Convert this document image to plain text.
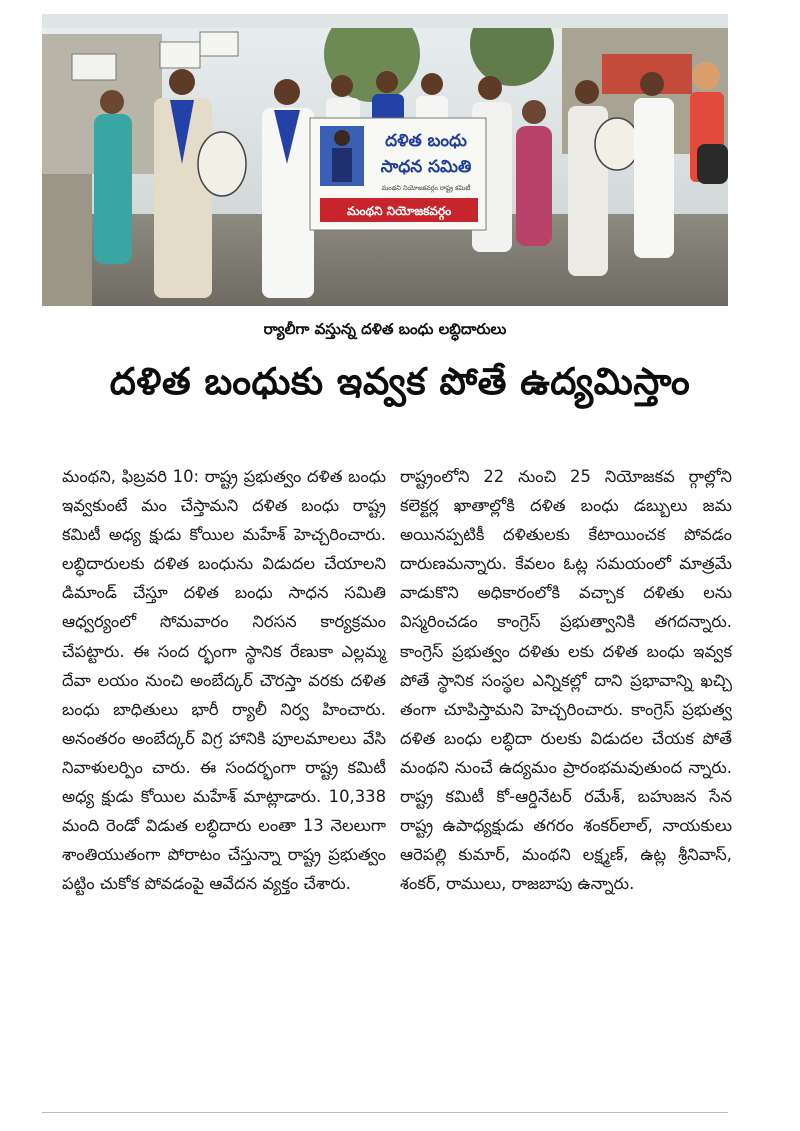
దళిత బంధు
సాధన సమితి
మంథని నియోజకవర్గం రాష్ట్ర కమిటీ
మంథని నియోజకవర్గం
ర్యాలీగా వస్తున్న దళిత బంధు లబ్ధిదారులు
దళిత బంధుకు ఇవ్వక పోతే ఉద్యమిస్తాం

మంథని, ఫిబ్రవరి 10: రాష్ట్ర ప్రభుత్వం దళిత బంధు ఇవ్వకుంటే మం చేస్తామని దళిత బంధు రాష్ట్ర కమిటీ అధ్య క్షుడు కోయిల మహేశ్ హెచ్చరించారు. లబ్ధిదారులకు దళిత బంధును విడుదల చేయాలని డిమాండ్ చేస్తూ దళిత బంధు సాధన సమితి ఆధ్వర్యంలో సోమవారం నిరసన కార్యక్రమం చేపట్టారు. ఈ సంద ర్భంగా స్థానిక రేణుకా ఎల్లమ్మ దేవా లయం నుంచి అంబేద్కర్ చౌరస్తా వరకు దళిత బంధు బాధితులు భారీ ర్యాలీ నిర్వ హించారు. అనంతరం అంబేద్కర్ విగ్ర హానికి పూలమాలలు వేసి నివాళులర్పిం చారు. ఈ సందర్భంగా రాష్ట్ర కమిటీ అధ్య క్షుడు కోయిల మహేశ్ మాట్లాడారు. 10,338 మంది రెండో విడుత లబ్ధిదారు లంతా 13 నెలలుగా శాంతియుతంగా పోరాటం చేస్తున్నా రాష్ట్ర ప్రభుత్వం పట్టిం చుకోక పోవడంపై ఆవేదన వ్యక్తం చేశారు.

రాష్ట్రంలోని 22 నుంచి 25 నియోజకవ ర్గాల్లోని కలెక్టర్ల ఖాతాల్లోకి దళిత బంధు డబ్బులు జమ అయినప్పటికీ దళితులకు కేటాయించక పోవడం దారుణమన్నారు. కేవలం ఓట్ల సమయంలో మాత్రమే వాడుకొని అధికారంలోకి వచ్చాక దళితు లను విస్మరించడం కాంగ్రెస్ ప్రభుత్వానికి తగదన్నారు. కాంగ్రెస్ ప్రభుత్వం దళితు లకు దళిత బంధు ఇవ్వక పోతే స్థానిక సంస్థల ఎన్నికల్లో దాని ప్రభావాన్ని ఖచ్చి తంగా చూపిస్తామని హెచ్చరించారు. కాంగ్రెస్ ప్రభుత్వ దళిత బంధు లబ్ధిదా రులకు విడుదల చేయక పోతే మంథని నుంచే ఉద్యమం ప్రారంభమవుతుంద న్నారు. రాష్ట్ర కమిటీ కో-ఆర్డినేటర్ రమేశ్, బహుజన సేన రాష్ట్ర ఉపాధ్యక్షుడు తగరం శంకర్‌లాల్, నాయకులు ఆరెపల్లి కుమార్, మంథని లక్ష్మణ్, ఉట్ల శ్రీనివాస్, శంకర్, రాములు, రాజబాపు ఉన్నారు.
